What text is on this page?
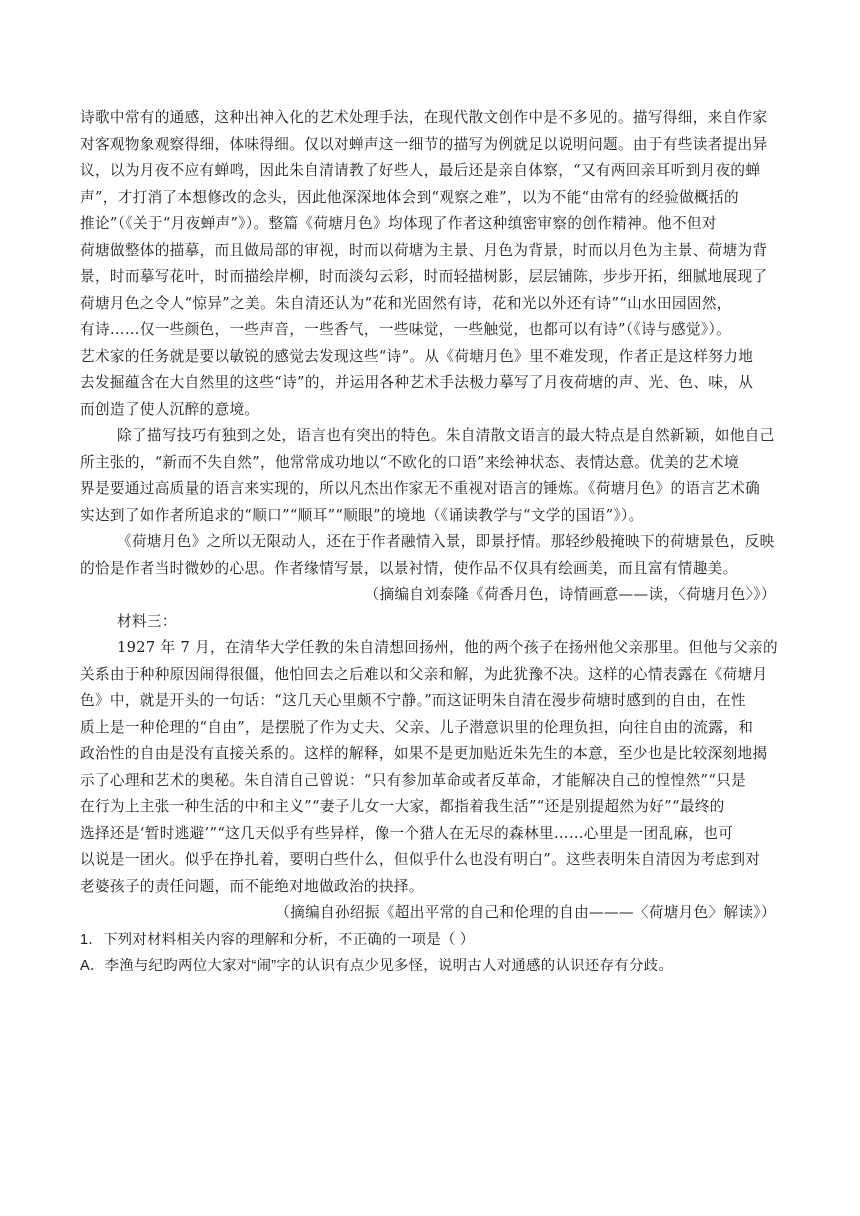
诗歌中常有的通感，这种出神入化的艺术处理手法，在现代散文创作中是不多见的。描写得细，来自作家
对客观物象观察得细，体味得细。仅以对蝉声这一细节的描写为例就足以说明问题。由于有些读者提出异
议，以为月夜不应有蝉鸣，因此朱自清请教了好些人，最后还是亲自体察，“又有两回亲耳听到月夜的蝉
声”，才打消了本想修改的念头，因此他深深地体会到“观察之难”，以为不能“由常有的经验做概括的
推论”（《关于“月夜蝉声”》）。整篇《荷塘月色》均体现了作者这种缜密审察的创作精神。他不但对
荷塘做整体的描摹，而且做局部的审视，时而以荷塘为主景、月色为背景，时而以月色为主景、荷塘为背
景，时而摹写花叶，时而描绘岸柳，时而淡勾云彩，时而轻描树影，层层铺陈，步步开拓，细腻地展现了
荷塘月色之令人“惊异”之美。朱自清还认为“花和光固然有诗，花和光以外还有诗”“山水田园固然，
有诗……仅一些颜色，一些声音，一些香气，一些味觉，一些触觉，也都可以有诗”（《诗与感觉》）。
艺术家的任务就是要以敏锐的感觉去发现这些“诗”。从《荷塘月色》里不难发现，作者正是这样努力地
去发掘蕴含在大自然里的这些“诗”的，并运用各种艺术手法极力摹写了月夜荷塘的声、光、色、味，从
而创造了使人沉醉的意境。
除了描写技巧有独到之处，语言也有突出的特色。朱自清散文语言的最大特点是自然新颖，如他自己
所主张的，“新而不失自然”，他常常成功地以“不欧化的口语”来绘神状态、表情达意。优美的艺术境
界是要通过高质量的语言来实现的，所以凡杰出作家无不重视对语言的锤炼。《荷塘月色》的语言艺术确
实达到了如作者所追求的“顺口”“顺耳”“顺眼”的境地（《诵读教学与“文学的国语”》）。
《荷塘月色》之所以无限动人，还在于作者融情入景，即景抒情。那轻纱般掩映下的荷塘景色，反映
的恰是作者当时微妙的心思。作者缘情写景，以景衬情，使作品不仅具有绘画美，而且富有情趣美。
（摘编自刘泰隆《荷香月色，诗情画意——读，〈荷塘月色〉》）
材料三：
1927 年 7 月，在清华大学任教的朱自清想回扬州，他的两个孩子在扬州他父亲那里。但他与父亲的
关系由于种种原因闹得很僵，他怕回去之后难以和父亲和解，为此犹豫不决。这样的心情表露在《荷塘月
色》中，就是开头的一句话：“这几天心里颇不宁静。”而这证明朱自清在漫步荷塘时感到的自由，在性
质上是一种伦理的“自由”，是摆脱了作为丈夫、父亲、儿子潜意识里的伦理负担，向往自由的流露，和
政治性的自由是没有直接关系的。这样的解释，如果不是更加贴近朱先生的本意，至少也是比较深刻地揭
示了心理和艺术的奥秘。朱自清自己曾说：“只有参加革命或者反革命，才能解决自己的惶惶然”“只是
在行为上主张一种生活的中和主义”“妻子儿女一大家，都指着我生活”“还是别提超然为好”“最终的
选择还是‘暂时逃避’”“这几天似乎有些异样，像一个猎人在无尽的森林里……心里是一团乱麻，也可
以说是一团火。似乎在挣扎着，要明白些什么，但似乎什么也没有明白”。这些表明朱自清因为考虑到对
老婆孩子的责任问题，而不能绝对地做政治的抉择。
（摘编自孙绍振《超出平常的自己和伦理的自由———〈荷塘月色〉解读》）
1．下列对材料相关内容的理解和分析，不正确的一项是（ ）
A．李渔与纪昀两位大家对“闹”字的认识有点少见多怪，说明古人对通感的认识还存有分歧。
